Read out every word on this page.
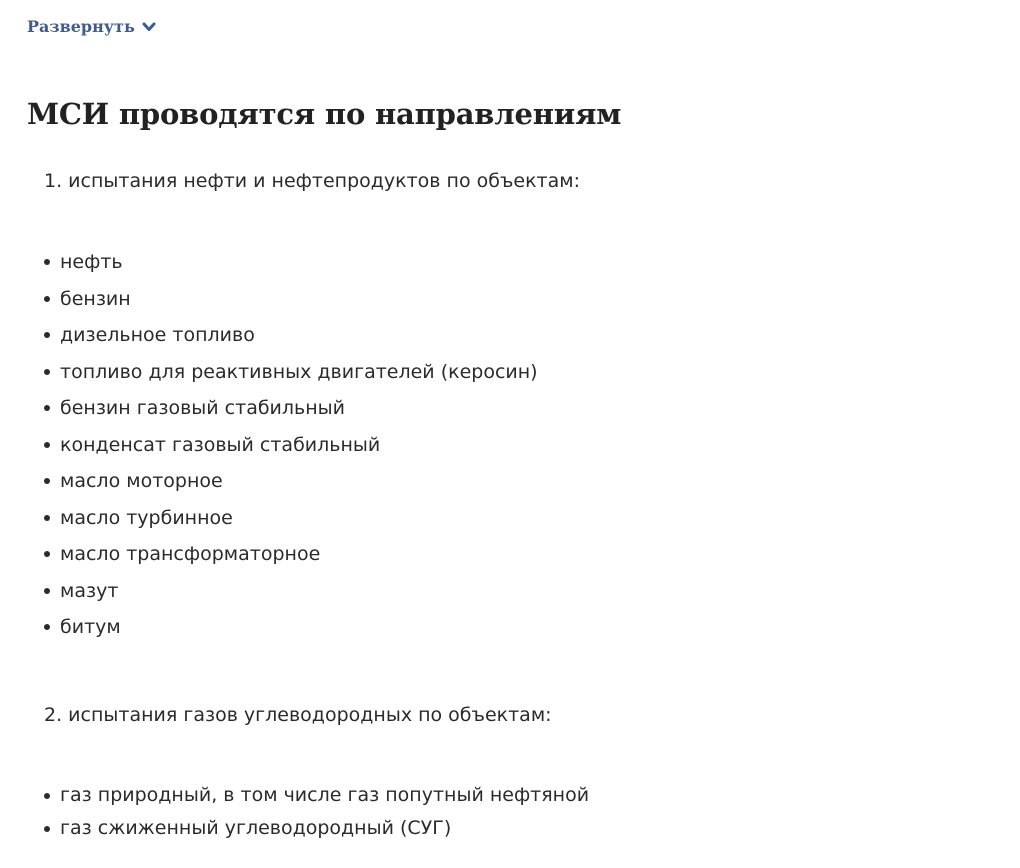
Развернуть
МСИ проводятся по направлениям

1. испытания нефти и нефтепродуктов по объектам:

нефть
бензин
дизельное топливо
топливо для реактивных двигателей (керосин)
бензин газовый стабильный
конденсат газовый стабильный
масло моторное
масло турбинное
масло трансформаторное
мазут
битум

2. испытания газов углеводородных по объектам:

газ природный, в том числе газ попутный нефтяной
газ сжиженный углеводородный (СУГ)
